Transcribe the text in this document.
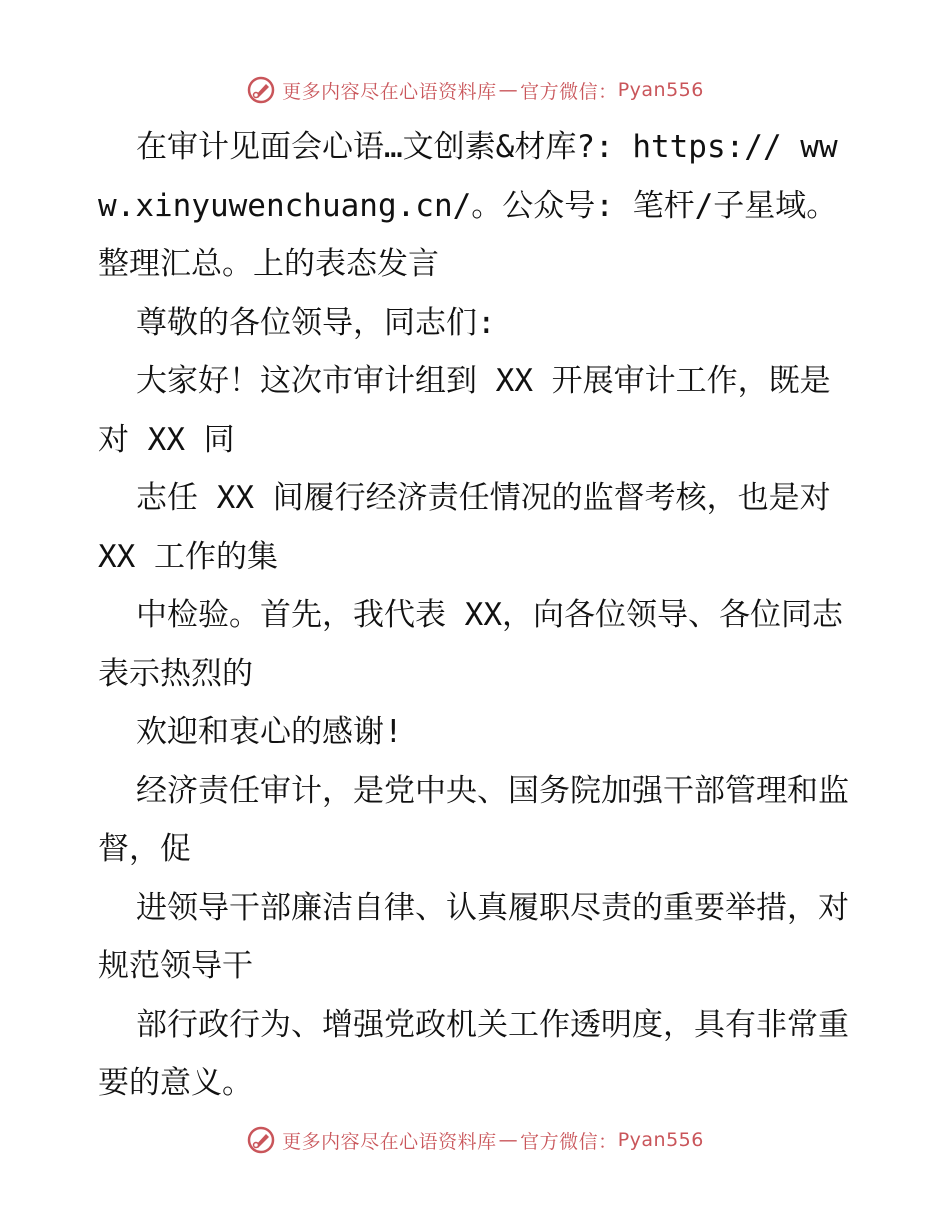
更多内容尽在心语资料库 — 官方微信： Pyan556

在审计见面会心语…文创素&材库?: https:// www.xinyuwenchuang.cn/。公众号: 笔杆/子星域。整理汇总。上的表态发言

尊敬的各位领导，同志们:

大家好！这次市审计组到 XX 开展审计工作，既是对 XX 同

志任 XX 间履行经济责任情况的监督考核，也是对 XX 工作的集

中检验。首先，我代表 XX，向各位领导、各位同志表示热烈的

欢迎和衷心的感谢!

经济责任审计，是党中央、国务院加强干部管理和监督，促

进领导干部廉洁自律、认真履职尽责的重要举措，对规范领导干

部行政行为、增强党政机关工作透明度，具有非常重要的意义。

更多内容尽在心语资料库 — 官方微信： Pyan556
